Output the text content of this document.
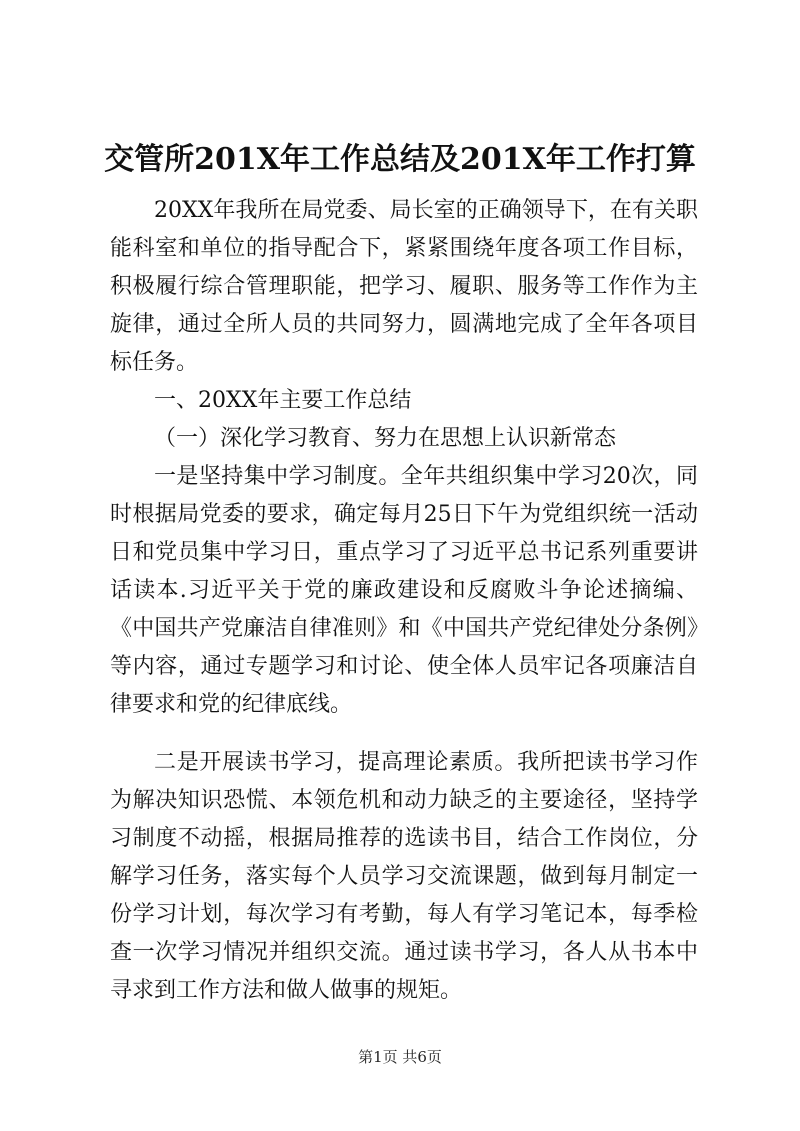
交管所201X年工作总结及201X年工作打算

20XX年我所在局党委、局长室的正确领导下，在有关职能科室和单位的指导配合下，紧紧围绕年度各项工作目标，积极履行综合管理职能，把学习、履职、服务等工作作为主旋律，通过全所人员的共同努力，圆满地完成了全年各项目标任务。

一、20XX年主要工作总结

（一）深化学习教育、努力在思想上认识新常态

一是坚持集中学习制度。全年共组织集中学习20次，同时根据局党委的要求，确定每月25日下午为党组织统一活动日和党员集中学习日，重点学习了习近平总书记系列重要讲话读本.习近平关于党的廉政建设和反腐败斗争论述摘编、《中国共产党廉洁自律准则》和《中国共产党纪律处分条例》等内容，通过专题学习和讨论、使全体人员牢记各项廉洁自律要求和党的纪律底线。

二是开展读书学习，提高理论素质。我所把读书学习作为解决知识恐慌、本领危机和动力缺乏的主要途径，坚持学习制度不动摇，根据局推荐的选读书目，结合工作岗位，分解学习任务，落实每个人员学习交流课题，做到每月制定一份学习计划，每次学习有考勤，每人有学习笔记本，每季检查一次学习情况并组织交流。通过读书学习，各人从书本中寻求到工作方法和做人做事的规矩。

第1页 共6页
